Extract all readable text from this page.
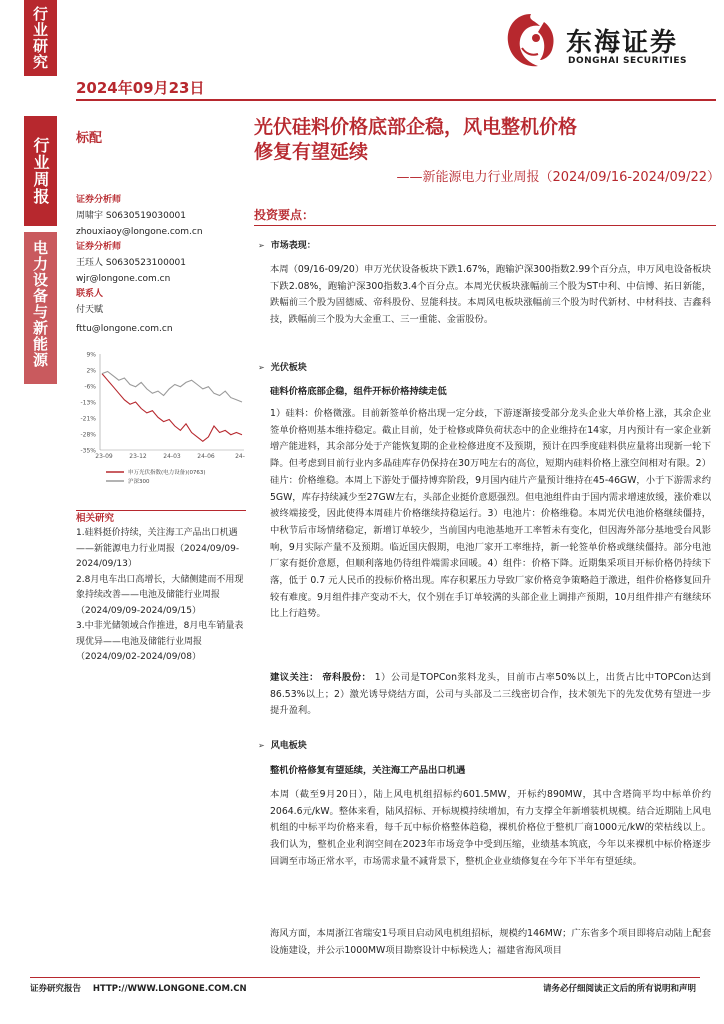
行业研究
2024年09月23日
东海证券
DONGHAI SECURITIES
行业周报
电力设备与新能源
标配
光伏硅料价格底部企稳，风电整机价格
修复有望延续
——新能源电力行业周报（2024/09/16-2024/09/22）
证券分析师
周啸宇 S0630519030001
zhouxiaoy@longone.com.cn
证券分析师
王珏人 S0630523100001
wjr@longone.com.cn
联系人
付天赋
fttu@longone.com.cn
9%
2%
-6%
-13%
-21%
-28%
-35%
23-09	23-12	24-03	24-06	24-
申万光伏指数(电力设备)(0763)
沪深300
相关研究
1.硅料挺价持续，关注海工产品出口机遇 ——新能源电力行业周报（2024/09/09-2024/09/13）
2.8月电车出口高增长，大储侧建而不用现象持续改善——电池及储能行业周报（2024/09/09-2024/09/15）
3.中非光储领域合作推进，8月电车销量表现优异——电池及储能行业周报（2024/09/02-2024/09/08）
投资要点：
➢ 市场表现：
本周（09/16-09/20）申万光伏设备板块下跌1.67%，跑输沪深300指数2.99个百分点，申万风电设备板块下跌2.08%，跑输沪深300指数3.4个百分点。本周光伏板块涨幅前三个股为ST中利、中信博、拓日新能，跌幅前三个股为固德威、帝科股份、昱能科技。本周风电板块涨幅前三个股为时代新材、中材科技、吉鑫科技，跌幅前三个股为大金重工、三一重能、金雷股份。
➢ 光伏板块
硅料价格底部企稳，组件开标价格持续走低
1）硅料：价格微涨。目前新签单价格出现一定分歧，下游逐渐接受部分龙头企业大单价格上涨，其余企业签单价格则基本维持稳定。截止目前，处于检修或降负荷状态中的企业维持在14家，月内预计有一家企业新增产能进料，其余部分处于产能恢复期的企业检修进度不及预期，预计在四季度硅料供应量将出现新一轮下降。但考虑到目前行业内多晶硅库存仍保持在30万吨左右的高位，短期内硅料价格上涨空间相对有限。2）硅片：价格维稳。本周上下游处于僵持博弈阶段，9月国内硅片产量预计维持在45-46GW，小于下游需求约5GW，库存持续减少至27GW左右，头部企业挺价意愿强烈。但电池组件由于国内需求增速放缓，涨价难以被终端接受，因此使得本周硅片价格继续持稳运行。3）电池片：价格维稳。本周光伏电池价格继续僵持，中秋节后市场情绪稳定，新增订单较少，当前国内电池基地开工率暂未有变化，但因海外部分基地受台风影响，9月实际产量不及预期。临近国庆假期，电池厂家开工率维持，新一轮签单价格或继续僵持。部分电池厂家有挺价意愿，但顺利落地仍待组件端需求回暖。4）组件：价格下降。近期集采项目开标价格仍持续下落，低于 0.7 元人民币的投标价格出现。库存积累压力导致厂家价格竞争策略趋于激进，组件价格修复回升较有难度。9月组件排产变动不大，仅个别在手订单较满的头部企业上调排产预期，10月组件排产有继续环比上行趋势。
建议关注： 帝科股份： 1）公司是TOPCon浆料龙头，目前市占率50%以上，出货占比中TOPCon达到86.53%以上；2）激光诱导烧结方面，公司与头部及二三线密切合作，技术领先下的先发优势有望进一步提升盈利。
➢ 风电板块
整机价格修复有望延续，关注海工产品出口机遇
本周（截至9月20日），陆上风电机组招标约601.5MW，开标约890MW，其中含塔筒平均中标单价约2064.6元/kW。整体来看，陆风招标、开标规模持续增加，有力支撑全年新增装机规模。结合近期陆上风电机组的中标平均价格来看，每千瓦中标价格整体趋稳，裸机价格位于整机厂商1000元/kW的荣枯线以上。我们认为，整机企业利润空间在2023年市场竞争中受到压缩，业绩基本筑底，今年以来裸机中标价格逐步回调至市场正常水平，市场需求量不减背景下，整机企业业绩修复在今年下半年有望延续。
海风方面，本周浙江省瑞安1号项目启动风电机组招标，规模约146MW；广东省多个项目即将启动陆上配套设施建设，并公示1000MW项目勘察设计中标候选人；福建省海风项目
证券研究报告    HTTP://WWW.LONGONE.COM.CN	请务必仔细阅读正文后的所有说明和声明
